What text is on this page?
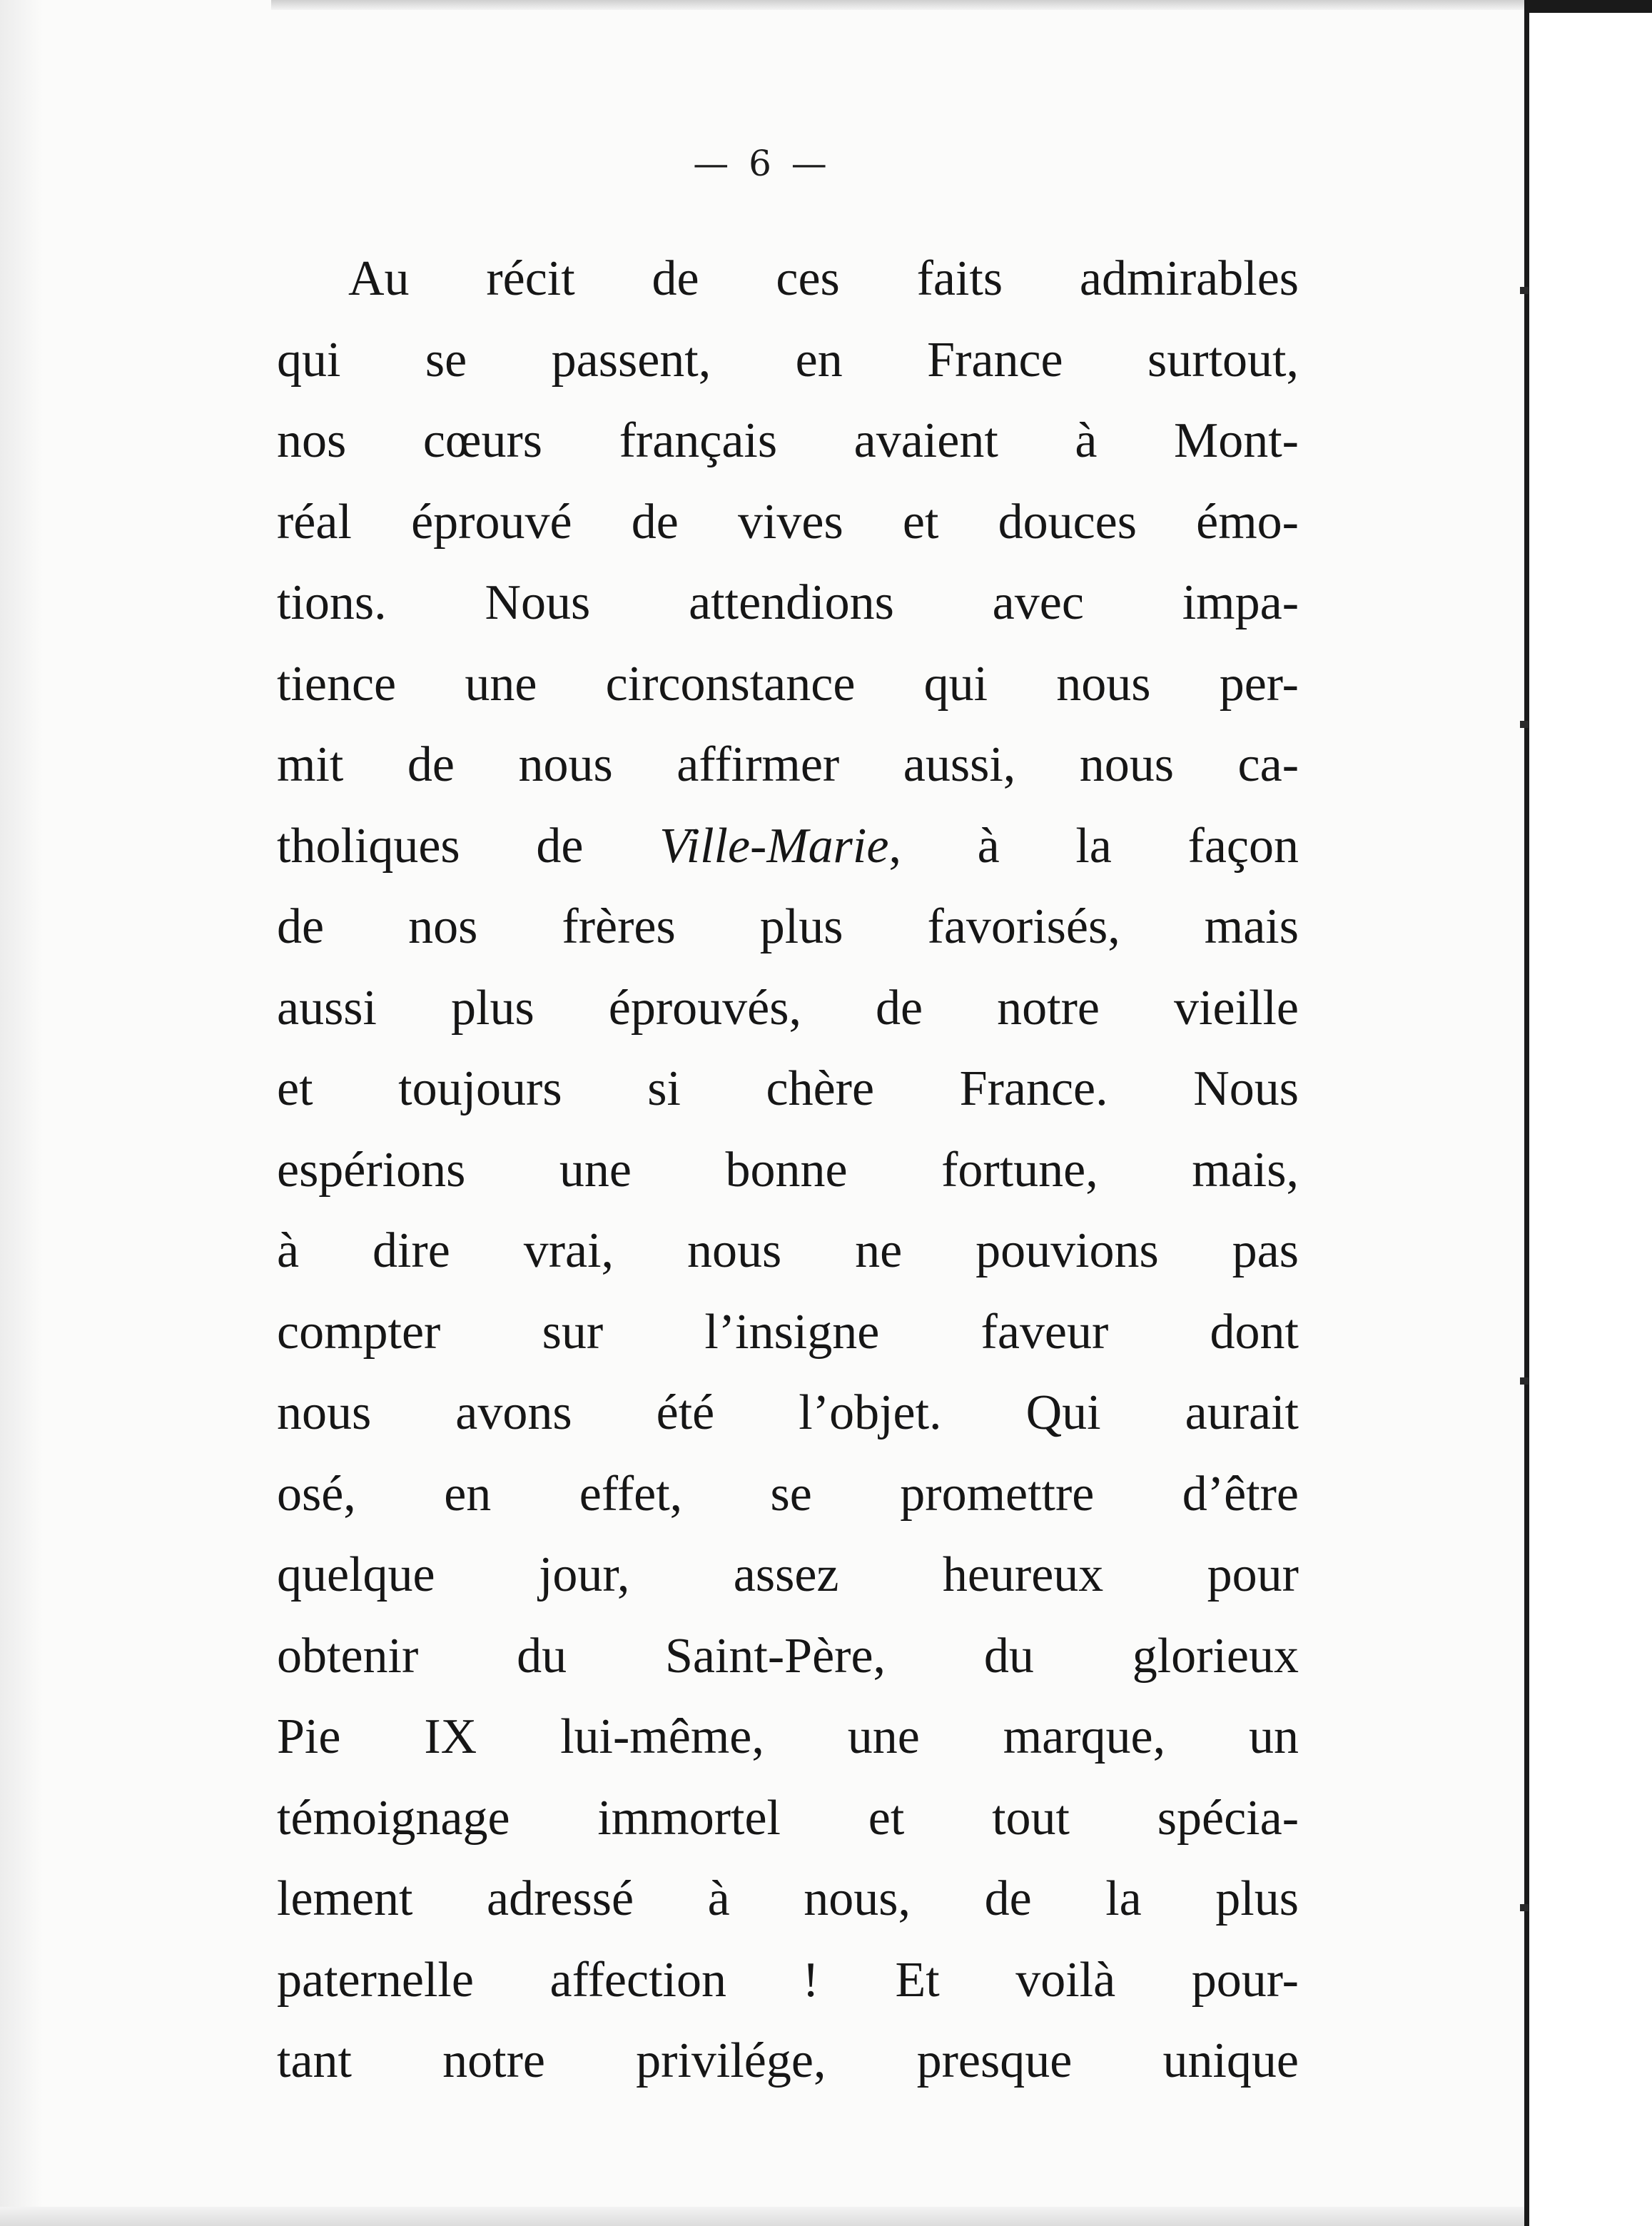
— 6 —
Au récit de ces faits admirables
qui se passent, en France surtout,
nos cœurs français avaient à Mont-
réal éprouvé de vives et douces émo-
tions. Nous attendions avec impa-
tience une circonstance qui nous per-
mit de nous affirmer aussi, nous ca-
tholiques de Ville-Marie, à la façon
de nos frères plus favorisés, mais
aussi plus éprouvés, de notre vieille
et toujours si chère France. Nous
espérions une bonne fortune, mais,
à dire vrai, nous ne pouvions pas
compter sur l’insigne faveur dont
nous avons été l’objet. Qui aurait
osé, en effet, se promettre d’être
quelque jour, assez heureux pour
obtenir du Saint-Père, du glorieux
Pie IX lui-même, une marque, un
témoignage immortel et tout spécia-
lement adressé à nous, de la plus
paternelle affection ! Et voilà pour-
tant notre privilége, presque unique
